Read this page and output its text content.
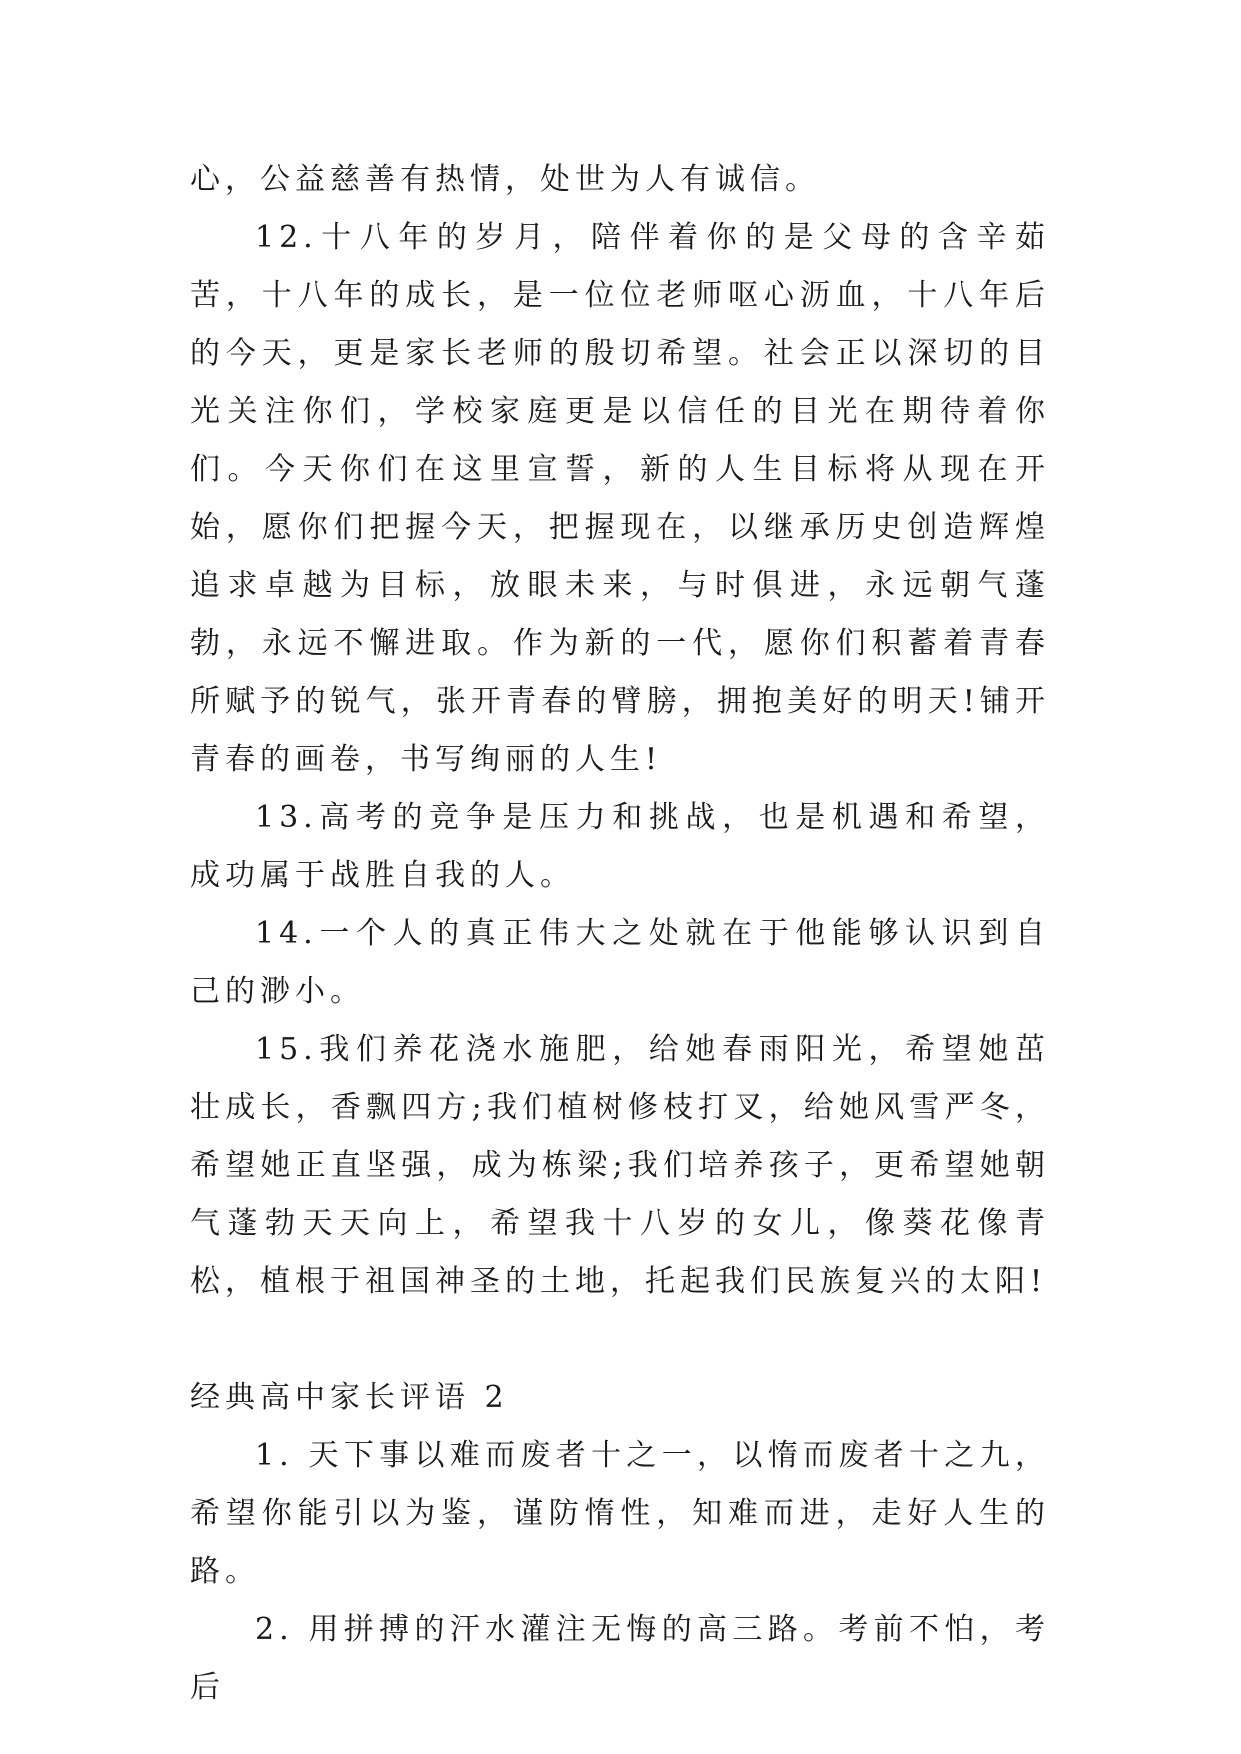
心，公益慈善有热情，处世为人有诚信。

12.十八年的岁月，陪伴着你的是父母的含辛茹苦，十八年的成长，是一位位老师呕心沥血，十八年后的今天，更是家长老师的殷切希望。社会正以深切的目光关注你们，学校家庭更是以信任的目光在期待着你们。今天你们在这里宣誓，新的人生目标将从现在开始，愿你们把握今天，把握现在，以继承历史创造辉煌追求卓越为目标，放眼未来，与时俱进，永远朝气蓬勃，永远不懈进取。作为新的一代，愿你们积蓄着青春所赋予的锐气，张开青春的臂膀，拥抱美好的明天!铺开青春的画卷，书写绚丽的人生!

13.高考的竞争是压力和挑战，也是机遇和希望，成功属于战胜自我的人。

14.一个人的真正伟大之处就在于他能够认识到自己的渺小。

15.我们养花浇水施肥，给她春雨阳光，希望她茁壮成长，香飘四方;我们植树修枝打叉，给她风雪严冬，希望她正直坚强，成为栋梁;我们培养孩子，更希望她朝气蓬勃天天向上，希望我十八岁的女儿，像葵花像青松，植根于祖国神圣的土地，托起我们民族复兴的太阳!

经典高中家长评语 2

1. 天下事以难而废者十之一，以惰而废者十之九，希望你能引以为鉴，谨防惰性，知难而进，走好人生的路。

2. 用拼搏的汗水灌注无悔的高三路。考前不怕，考后
